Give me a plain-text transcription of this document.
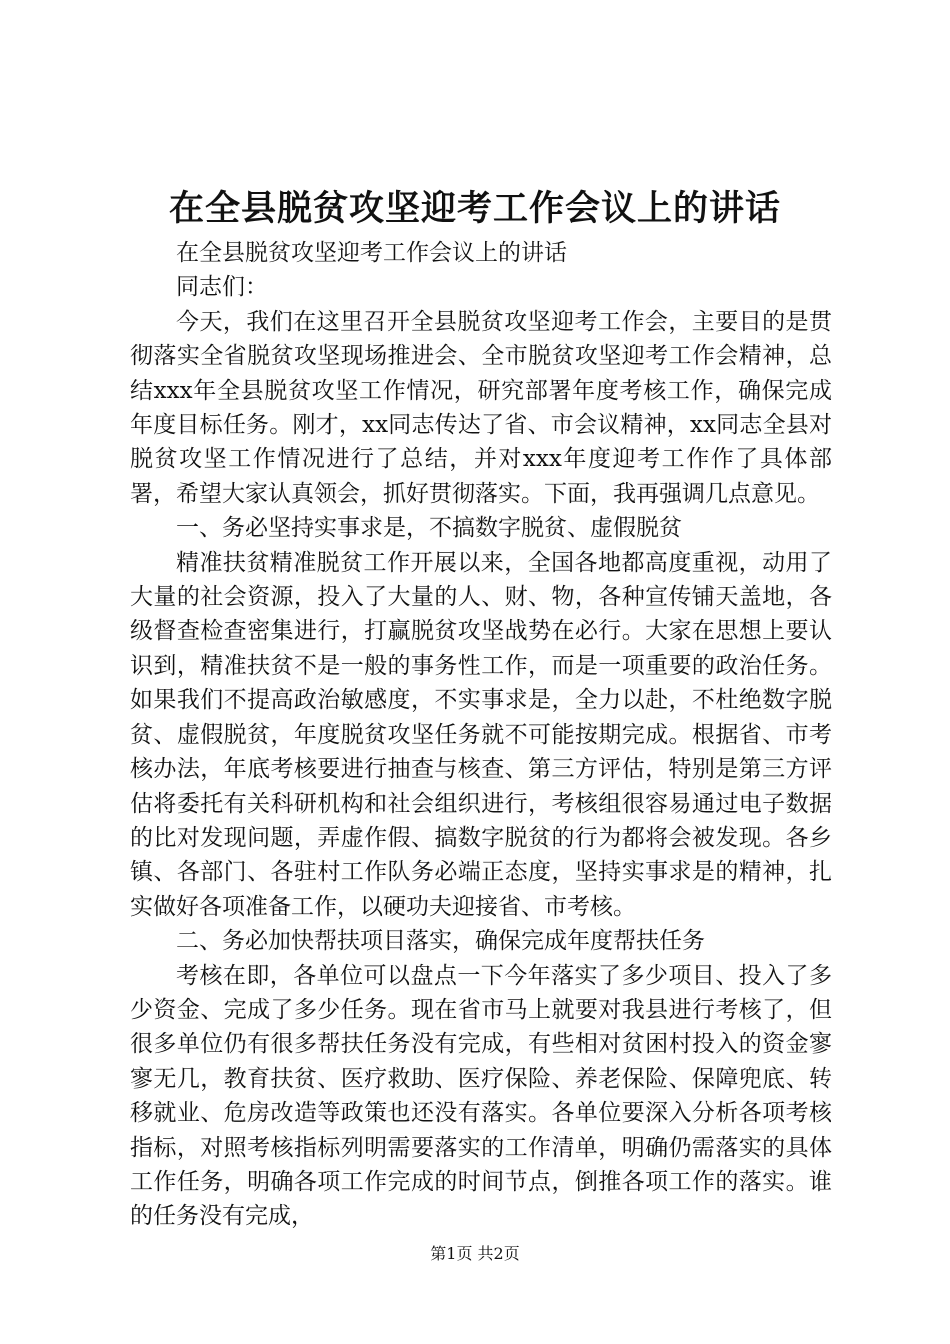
在全县脱贫攻坚迎考工作会议上的讲话

在全县脱贫攻坚迎考工作会议上的讲话

同志们：

今天，我们在这里召开全县脱贫攻坚迎考工作会，主要目的是贯彻落实全省脱贫攻坚现场推进会、全市脱贫攻坚迎考工作会精神，总结xxx年全县脱贫攻坚工作情况，研究部署年度考核工作，确保完成年度目标任务。刚才，xx同志传达了省、市会议精神，xx同志全县对脱贫攻坚工作情况进行了总结，并对xxx年度迎考工作作了具体部署，希望大家认真领会，抓好贯彻落实。下面，我再强调几点意见。

一、务必坚持实事求是，不搞数字脱贫、虚假脱贫

精准扶贫精准脱贫工作开展以来，全国各地都高度重视，动用了大量的社会资源，投入了大量的人、财、物，各种宣传铺天盖地，各级督查检查密集进行，打赢脱贫攻坚战势在必行。大家在思想上要认识到，精准扶贫不是一般的事务性工作，而是一项重要的政治任务。如果我们不提高政治敏感度，不实事求是，全力以赴，不杜绝数字脱贫、虚假脱贫，年度脱贫攻坚任务就不可能按期完成。根据省、市考核办法，年底考核要进行抽查与核查、第三方评估，特别是第三方评估将委托有关科研机构和社会组织进行，考核组很容易通过电子数据的比对发现问题，弄虚作假、搞数字脱贫的行为都将会被发现。各乡镇、各部门、各驻村工作队务必端正态度，坚持实事求是的精神，扎实做好各项准备工作，以硬功夫迎接省、市考核。

二、务必加快帮扶项目落实，确保完成年度帮扶任务

考核在即，各单位可以盘点一下今年落实了多少项目、投入了多少资金、完成了多少任务。现在省市马上就要对我县进行考核了，但很多单位仍有很多帮扶任务没有完成，有些相对贫困村投入的资金寥寥无几，教育扶贫、医疗救助、医疗保险、养老保险、保障兜底、转移就业、危房改造等政策也还没有落实。各单位要深入分析各项考核指标，对照考核指标列明需要落实的工作清单，明确仍需落实的具体工作任务，明确各项工作完成的时间节点，倒推各项工作的落实。谁的任务没有完成，

第1页 共2页
